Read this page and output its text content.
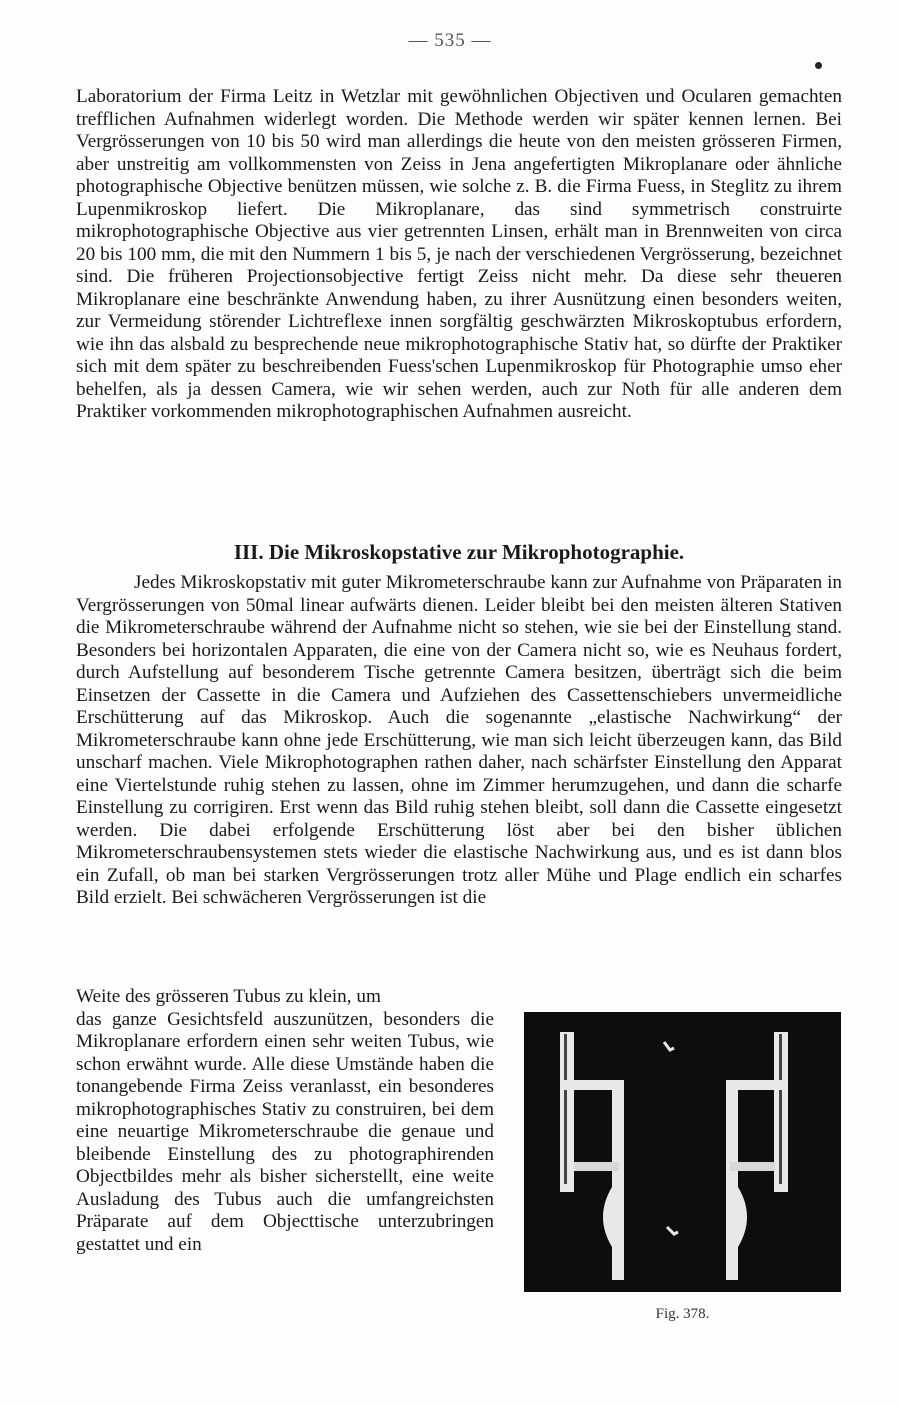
— 535 —

Laboratorium der Firma Leitz in Wetzlar mit gewöhnlichen Objectiven und Ocularen gemachten trefflichen Aufnahmen widerlegt worden. Die Methode werden wir später kennen lernen. Bei Vergrösserungen von 10 bis 50 wird man allerdings die heute von den meisten grösseren Firmen, aber unstreitig am vollkommensten von Zeiss in Jena angefertigten Mikroplanare oder ähnliche photographische Objective benützen müssen, wie solche z. B. die Firma Fuess, in Steglitz zu ihrem Lupenmikroskop liefert. Die Mikroplanare, das sind symmetrisch construirte mikrophotographische Objective aus vier getrennten Linsen, erhält man in Brennweiten von circa 20 bis 100 mm, die mit den Nummern 1 bis 5, je nach der verschiedenen Vergrösserung, bezeichnet sind. Die früheren Projectionsobjective fertigt Zeiss nicht mehr. Da diese sehr theueren Mikroplanare eine beschränkte Anwendung haben, zu ihrer Ausnützung einen besonders weiten, zur Vermeidung störender Lichtreflexe innen sorgfältig geschwärzten Mikroskoptubus erfordern, wie ihn das alsbald zu besprechende neue mikrophotographische Stativ hat, so dürfte der Praktiker sich mit dem später zu beschreibenden Fuess'schen Lupenmikroskop für Photographie umso eher behelfen, als ja dessen Camera, wie wir sehen werden, auch zur Noth für alle anderen dem Praktiker vorkommenden mikrophotographischen Aufnahmen ausreicht.

III. Die Mikroskopstative zur Mikrophotographie.

Jedes Mikroskopstativ mit guter Mikrometerschraube kann zur Aufnahme von Präparaten in Vergrösserungen von 50mal linear aufwärts dienen. Leider bleibt bei den meisten älteren Stativen die Mikrometerschraube während der Aufnahme nicht so stehen, wie sie bei der Einstellung stand. Besonders bei horizontalen Apparaten, die eine von der Camera nicht so, wie es Neuhaus fordert, durch Aufstellung auf besonderem Tische getrennte Camera besitzen, überträgt sich die beim Einsetzen der Cassette in die Camera und Aufziehen des Cassettenschiebers unvermeidliche Erschütterung auf das Mikroskop. Auch die sogenannte „elastische Nachwirkung“ der Mikrometerschraube kann ohne jede Erschütterung, wie man sich leicht überzeugen kann, das Bild unscharf machen. Viele Mikrophotographen rathen daher, nach schärfster Einstellung den Apparat eine Viertelstunde ruhig stehen zu lassen, ohne im Zimmer herumzugehen, und dann die scharfe Einstellung zu corrigiren. Erst wenn das Bild ruhig stehen bleibt, soll dann die Cassette eingesetzt werden. Die dabei erfolgende Erschütterung löst aber bei den bisher üblichen Mikrometerschraubensystemen stets wieder die elastische Nachwirkung aus, und es ist dann blos ein Zufall, ob man bei starken Vergrösserungen trotz aller Mühe und Plage endlich ein scharfes Bild erzielt. Bei schwächeren Vergrösserungen ist die

Weite des grösseren Tubus zu klein, um
das ganze Gesichtsfeld auszunützen, besonders die Mikroplanare erfordern einen sehr weiten Tubus, wie schon erwähnt wurde. Alle diese Umstände haben die tonangebende Firma Zeiss veranlasst, ein besonderes mikrophotographisches Stativ zu construiren, bei dem eine neuartige Mikrometerschraube die genaue und bleibende Einstellung des zu photographirenden Objectbildes mehr als bisher sicherstellt, eine weite Ausladung des Tubus auch die umfangreichsten Präparate auf dem Objecttische unterzubringen gestattet und ein
Fig. 378.
